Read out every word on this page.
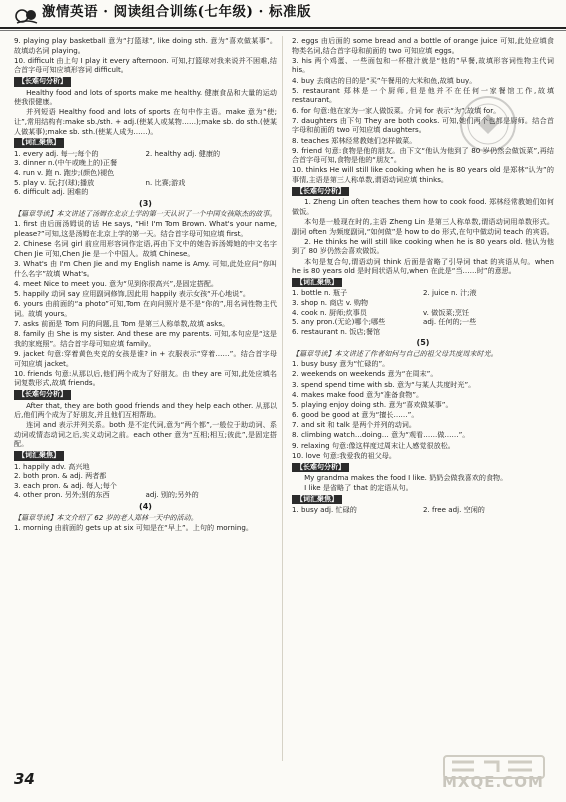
激情英语 · 阅读组合训练(七年级) · 标准版

9. playing play basketball 意为“打篮球”, like doing sth. 意为“喜欢做某事”。故填动名词 playing。

10. difficult 由上句 I play it every afternoon. 可知,打篮球对我来说并不困难,结合首字母可知应填形容词 difficult。

【长难句分析】

Healthy food and lots of sports make me healthy. 健康食品和大量的运动使我很健康。

并列短语 Healthy food and lots of sports 在句中作主语。make 意为“使;让”,常用结构有:make sb./sth. + adj.(使某人或某物……);make sb. do sth.(使某人做某事);make sb. sth.(使某人成为……)。

【词汇聚焦】
1. every adj. 每一;每个的	2. healthy adj. 健康的
3. dinner n.(中午或晚上的)正餐
4. run v. 跑 n. 跑步;(颜色)褪色
5. play v. 玩;打(球);播放	n. 比赛;游戏
6. difficult adj. 困难的
(3)

【篇章导读】本文讲述了汤姆在北京上学的第一天认识了一个中国女孩陈杰的故事。

1. first 由后面汤姆说的话 He says, “Hi! I'm Tom Brown. What's your name, please?”可知,这是汤姆在北京上学的第一天。结合首字母可知应填 first。

2. Chinese 名词 girl 前应用形容词作定语,再由下文中的她告诉汤姆她的中文名字 Chen Jie 可知,Chen Jie 是一个中国人。故填 Chinese。

3. What's 由 I'm Chen Jie and my English name is Amy. 可知,此处应问“你叫什么名字”故填 What's。

4. meet Nice to meet you. 意为“见到你很高兴”,是固定搭配。

5. happily 动词 say 应用副词修饰,因此用 happily 表示女孩“开心地说”。

6. yours 由前面的“a photo”可知,Tom 在向问照片是不是“你的”,用名词性物主代词。故填 yours。

7. asks 前面是 Tom 问的问题,且 Tom 是第三人称单数,故填 asks。

8. family 由 She is my sister. And these are my parents. 可知,本句应是“这是我的家庭照”。结合首字母可知应填 family。

9. jacket 句意:穿着黄色夹克的女孩是谁? in + 衣服表示“穿着……”。结合首字母可知应填 jacket。

10. friends 句意:从那以后,他们两个成为了好朋友。由 they are 可知,此处应填名词复数形式,故填 friends。

【长难句分析】

After that, they are both good friends and they help each other. 从那以后,他们两个成为了好朋友,并且他们互相帮助。

连词 and 表示并列关系。both 是不定代词,意为“两个都”,一般位于助动词、系动词或情态动词之后,实义动词之前。each other 意为“互相;相互;彼此”,是固定搭配。

【词汇聚焦】
1. happily adv. 高兴地
2. both pron. & adj. 两者都
3. each pron. & adj. 每人;每个
4. other pron. 另外;别的东西	adj. 别的;另外的
(4)

【篇章导读】本文介绍了 62 岁的老人郑林一天中的活动。

1. morning 由前面的 gets up at six 可知是在“早上”。上句的 morning。

2. eggs 由后面的 some bread and a bottle of orange juice 可知,此处应填食物类名词,结合首字母和前面的 two 可知应填 eggs。

3. his 两个鸡蛋、一些面包和一杯橙汁就是“他的”早餐,故填形容词性物主代词 his。

4. buy 去商店的目的是“买”午餐用的大米和鱼,故填 buy。

5. restaurant 郑林是一个厨师,但是他并不在任何一家餐馆工作,故填 restaurant。

6. for 句意:他在家为一家人做饭菜。介词 for 表示“为”,故填 for。

7. daughters 由下句 They are both cooks. 可知,她们两个也都是厨师。结合首字母和前面的 two 可知应填 daughters。

8. teaches 郑林经常教她们怎样做菜。

9. friend 句意:食物是他的朋友。由下文“他认为他到了 80 岁仍然会做饭菜”,再结合首字母可知,食物是他的“朋友”。

10. thinks He will still like cooking when he is 80 years old 是郑林“认为”的事情,主语是第三人称单数,谓语动词应填 thinks。

【长难句分析】

1. Zheng Lin often teaches them how to cook food. 郑林经常教她们如何做饭。

本句是一般现在时的,主语 Zheng Lin 是第三人称单数,谓语动词用单数形式。副词 often 为频度副词,“如何做”是 how to do 形式,在句中做动词 teach 的宾语。

2. He thinks he will still like cooking when he is 80 years old. 他认为他到了 80 岁仍然会喜欢做饭。

本句是复合句,谓语动词 think 后面是省略了引导词 that 的宾语从句。when he is 80 years old 是时间状语从句,when 在此是“当……时”的意思。

【词汇聚焦】
1. bottle n. 瓶子	2. juice n. 汁;液
3. shop n. 商店 v. 购物
4. cook n. 厨师;炊事员	v. 做饭菜;烹饪
5. any pron.(无论)哪个;哪些	adj. 任何的;一些
6. restaurant n. 饭店;餐馆
(5)

【篇章导读】本文讲述了作者如何与自己的祖父母共度周末时光。

1. busy busy 意为“忙碌的”。

2. weekends on weekends 意为“在周末”。

3. spend spend time with sb. 意为“与某人共度时光”。

4. makes make food 意为“准备食物”。

5. playing enjoy doing sth. 意为“喜欢做某事”。

6. good be good at 意为“擅长……”。

7. and sit 和 talk 是两个并列的动词。

8. climbing watch…doing… 意为“观看……做……”。

9. relaxing 句意:像这样度过周末让人感觉很放松。

10. love 句意:我爱我的祖父母。

【长难句分析】

My grandma makes the food I like. 奶奶会做我喜欢的食物。

I like 是省略了 that 的定语从句。

【词汇聚焦】
1. busy adj. 忙碌的	2. free adj. 空闲的
34	MXQE.COM
